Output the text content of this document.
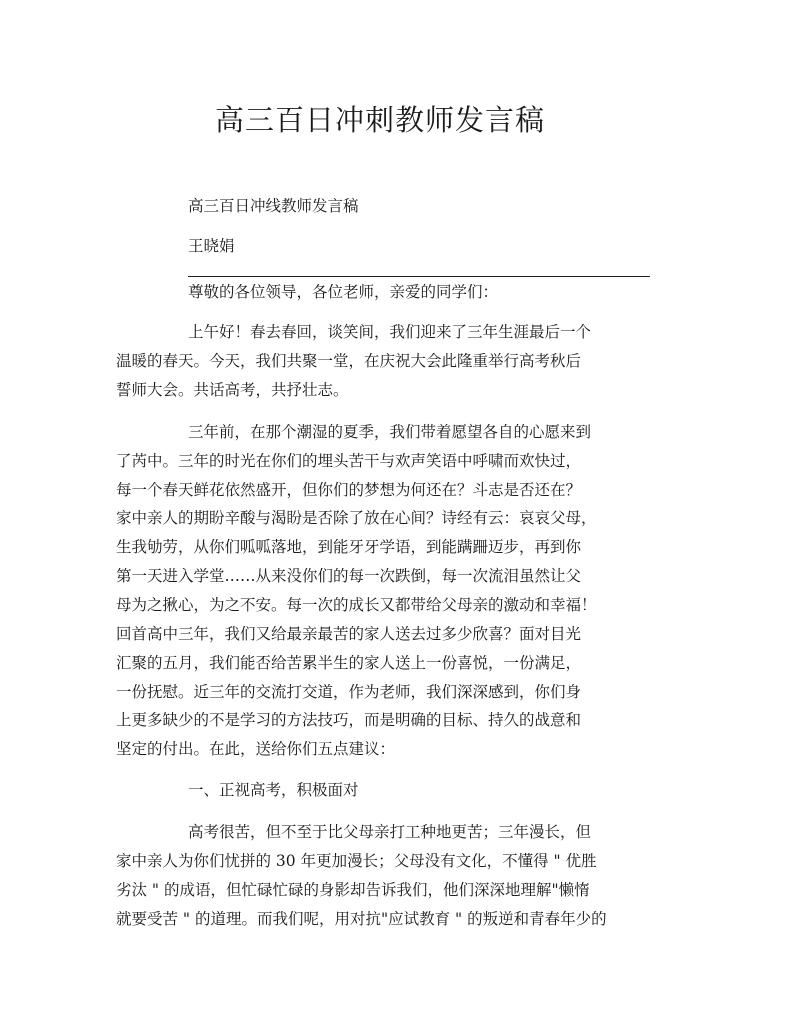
高三百日冲刺教师发言稿
高三百日冲线教师发言稿
王晓娟
尊敬的各位领导，各位老师，亲爱的同学们：
上午好！春去春回，谈笑间，我们迎来了三年生涯最后一个
温暖的春天。今天，我们共聚一堂，在庆祝大会此隆重举行高考秋后
誓师大会。共话高考，共抒壮志。
三年前，在那个潮湿的夏季，我们带着愿望各自的心愿来到
了芮中。三年的时光在你们的埋头苦干与欢声笑语中呼啸而欢快过，
每一个春天鲜花依然盛开，但你们的梦想为何还在？斗志是否还在？
家中亲人的期盼辛酸与渴盼是否除了放在心间？诗经有云：哀哀父母，
生我劬劳，从你们呱呱落地，到能牙牙学语，到能蹒跚迈步，再到你
第一天进入学堂……从来没你们的每一次跌倒，每一次流泪虽然让父
母为之揪心，为之不安。每一次的成长又都带给父母亲的激动和幸福！
回首高中三年，我们又给最亲最苦的家人送去过多少欣喜？面对目光
汇聚的五月，我们能否给苦累半生的家人送上一份喜悦，一份满足，
一份抚慰。近三年的交流打交道，作为老师，我们深深感到，你们身
上更多缺少的不是学习的方法技巧，而是明确的目标、持久的战意和
坚定的付出。在此，送给你们五点建议：
一、正视高考，积极面对
高考很苦，但不至于比父母亲打工种地更苦；三年漫长，但
家中亲人为你们忧拼的 30 年更加漫长；父母没有文化，不懂得 " 优胜
劣汰 " 的成语，但忙碌忙碌的身影却告诉我们，他们深深地理解"懒惰
就要受苦 " 的道理。而我们呢，用对抗"应试教育 " 的叛逆和青春年少的
